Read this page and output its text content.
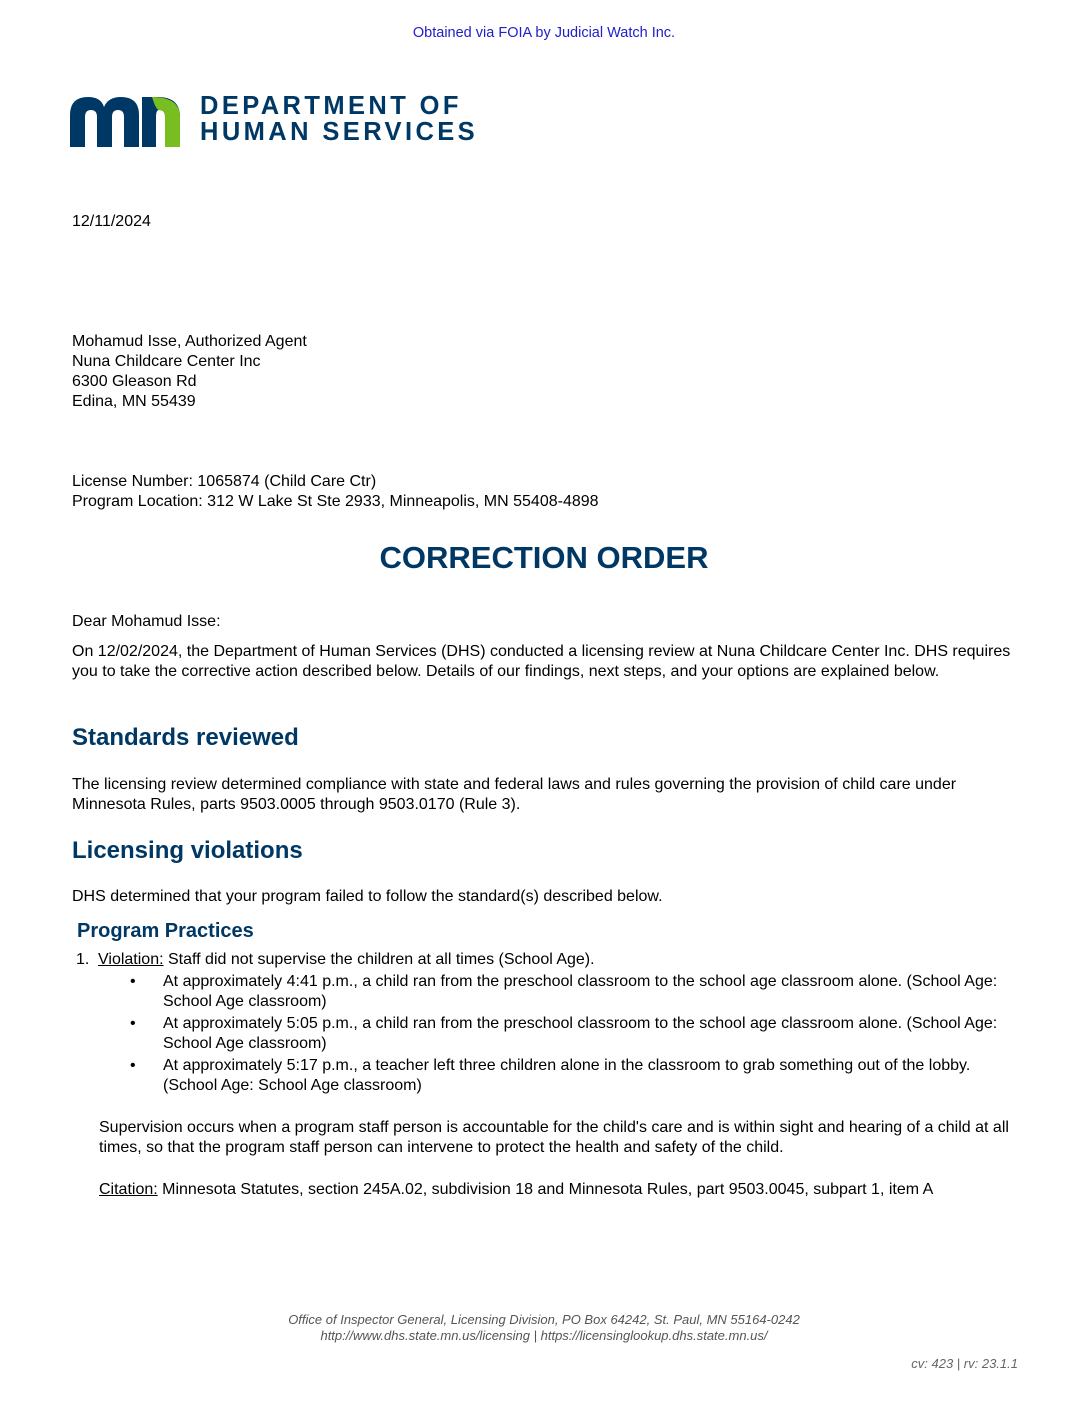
Obtained via FOIA by Judicial Watch Inc.
DEPARTMENT OF
HUMAN SERVICES
12/11/2024
Mohamud Isse, Authorized Agent
Nuna Childcare Center Inc
6300 Gleason Rd
Edina, MN 55439
License Number: 1065874 (Child Care Ctr)
Program Location: 312 W Lake St Ste 2933, Minneapolis, MN 55408-4898
CORRECTION ORDER
Dear Mohamud Isse:
On 12/02/2024, the Department of Human Services (DHS) conducted a licensing review at Nuna Childcare Center Inc. DHS requires you to take the corrective action described below. Details of our findings, next steps, and your options are explained below.
Standards reviewed
The licensing review determined compliance with state and federal laws and rules governing the provision of child care under Minnesota Rules, parts 9503.0005 through 9503.0170 (Rule 3).
Licensing violations
DHS determined that your program failed to follow the standard(s) described below.
Program Practices
1. Violation: Staff did not supervise the children at all times (School Age).
• At approximately 4:41 p.m., a child ran from the preschool classroom to the school age classroom alone. (School Age: School Age classroom)
• At approximately 5:05 p.m., a child ran from the preschool classroom to the school age classroom alone. (School Age: School Age classroom)
• At approximately 5:17 p.m., a teacher left three children alone in the classroom to grab something out of the lobby. (School Age: School Age classroom)
Supervision occurs when a program staff person is accountable for the child's care and is within sight and hearing of a child at all times, so that the program staff person can intervene to protect the health and safety of the child.
Citation: Minnesota Statutes, section 245A.02, subdivision 18 and Minnesota Rules, part 9503.0045, subpart 1, item A
Office of Inspector General, Licensing Division, PO Box 64242, St. Paul, MN 55164-0242
http://www.dhs.state.mn.us/licensing | https://licensinglookup.dhs.state.mn.us/
cv: 423 | rv: 23.1.1
